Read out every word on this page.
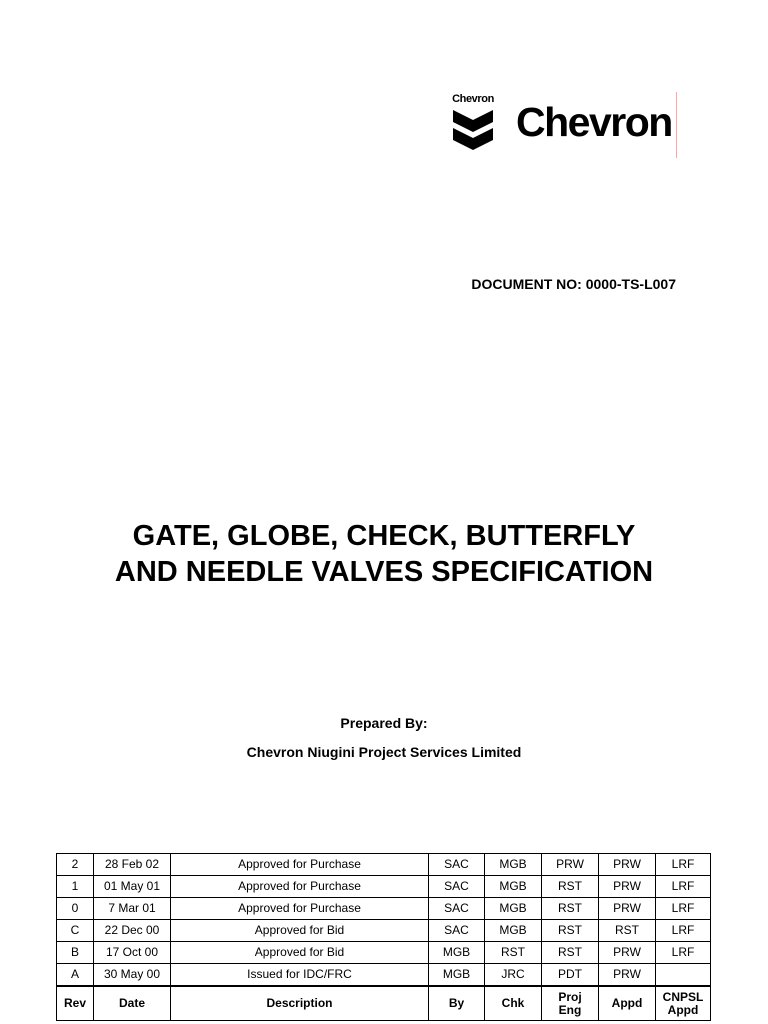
Chevron Chevron
DOCUMENT NO: 0000-TS-L007
GATE, GLOBE, CHECK, BUTTERFLY
AND NEEDLE VALVES SPECIFICATION
Prepared By:
Chevron Niugini Project Services Limited
2	28 Feb 02	Approved for Purchase	SAC	MGB	PRW	PRW	LRF
1	01 May 01	Approved for Purchase	SAC	MGB	RST	PRW	LRF
0	7 Mar 01	Approved for Purchase	SAC	MGB	RST	PRW	LRF
C	22 Dec 00	Approved for Bid	SAC	MGB	RST	RST	LRF
B	17 Oct 00	Approved for Bid	MGB	RST	RST	PRW	LRF
A	30 May 00	Issued for IDC/FRC	MGB	JRC	PDT	PRW	
Rev	Date	Description	By	Chk	Proj Eng	Appd	CNPSL Appd
